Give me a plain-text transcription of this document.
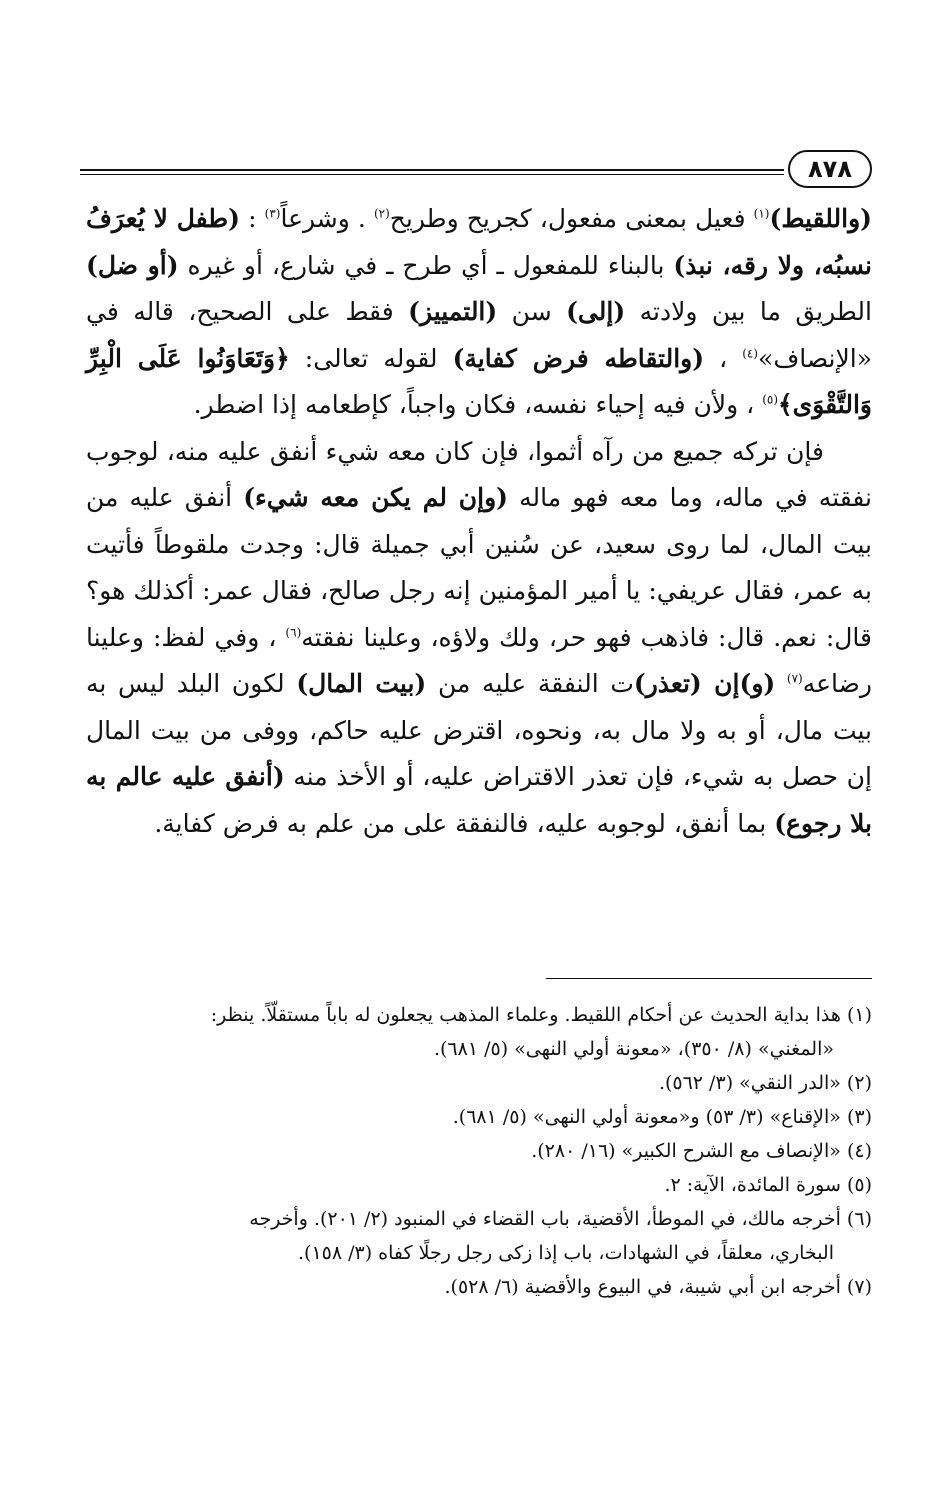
٨٧٨

(واللقيط)$^{(١)}$ فعيل بمعنى مفعول، كجريح وطريح$^{(٢)}$ . وشرعاً$^{(٣)}$ : (طفل لا يُعرَفُ نسبُه، ولا رقه، نبذ) بالبناء للمفعول ـ أي طرح ـ في شارع، أو غيره (أو ضل) الطريق ما بين ولادته (إلى) سن (التمييز) فقط على الصحيح، قاله في «الإنصاف»$^{(٤)}$ ، (والتقاطه فرض كفاية) لقوله تعالى: ﴿وَتَعَاوَنُوا عَلَى الْبِرِّ وَالتَّقْوَى﴾$^{(٥)}$ ، ولأن فيه إحياء نفسه، فكان واجباً، كإطعامه إذا اضطر.

فإن تركه جميع من رآه أثموا، فإن كان معه شيء أنفق عليه منه، لوجوب نفقته في ماله، وما معه فهو ماله (وإن لم يكن معه شيء) أنفق عليه من بيت المال، لما روى سعيد، عن سُنين أبي جميلة قال: وجدت ملقوطاً فأتيت به عمر، فقال عريفي: يا أمير المؤمنين إنه رجل صالح، فقال عمر: أكذلك هو؟ قال: نعم. قال: فاذهب فهو حر، ولك ولاؤه، وعلينا نفقته$^{(٦)}$ ، وفي لفظ: وعلينا رضاعه$^{(٧)}$ (و)إن (تعذر)ت النفقة عليه من (بيت المال) لكون البلد ليس به بيت مال، أو به ولا مال به، ونحوه، اقترض عليه حاكم، ووفى من بيت المال إن حصل به شيء، فإن تعذر الاقتراض عليه، أو الأخذ منه (أنفق عليه عالم به بلا رجوع) بما أنفق، لوجوبه عليه، فالنفقة على من علم به فرض كفاية.

(١) هذا بداية الحديث عن أحكام اللقيط. وعلماء المذهب يجعلون له باباً مستقلّاً. ينظر:

«المغني» (٨/ ٣٥٠)، «معونة أولي النهى» (٥/ ٦٨١).

(٢) «الدر النقي» (٣/ ٥٦٢).

(٣) «الإقناع» (٣/ ٥٣) و«معونة أولي النهى» (٥/ ٦٨١).

(٤) «الإنصاف مع الشرح الكبير» (١٦/ ٢٨٠).

(٥) سورة المائدة، الآية: ٢.

(٦) أخرجه مالك، في الموطأ، الأقضية، باب القضاء في المنبود (٢/ ٢٠١). وأخرجه

البخاري، معلقاً، في الشهادات، باب إذا زكى رجل رجلًا كفاه (٣/ ١٥٨).

(٧) أخرجه ابن أبي شيبة، في البيوع والأقضية (٦/ ٥٢٨).
